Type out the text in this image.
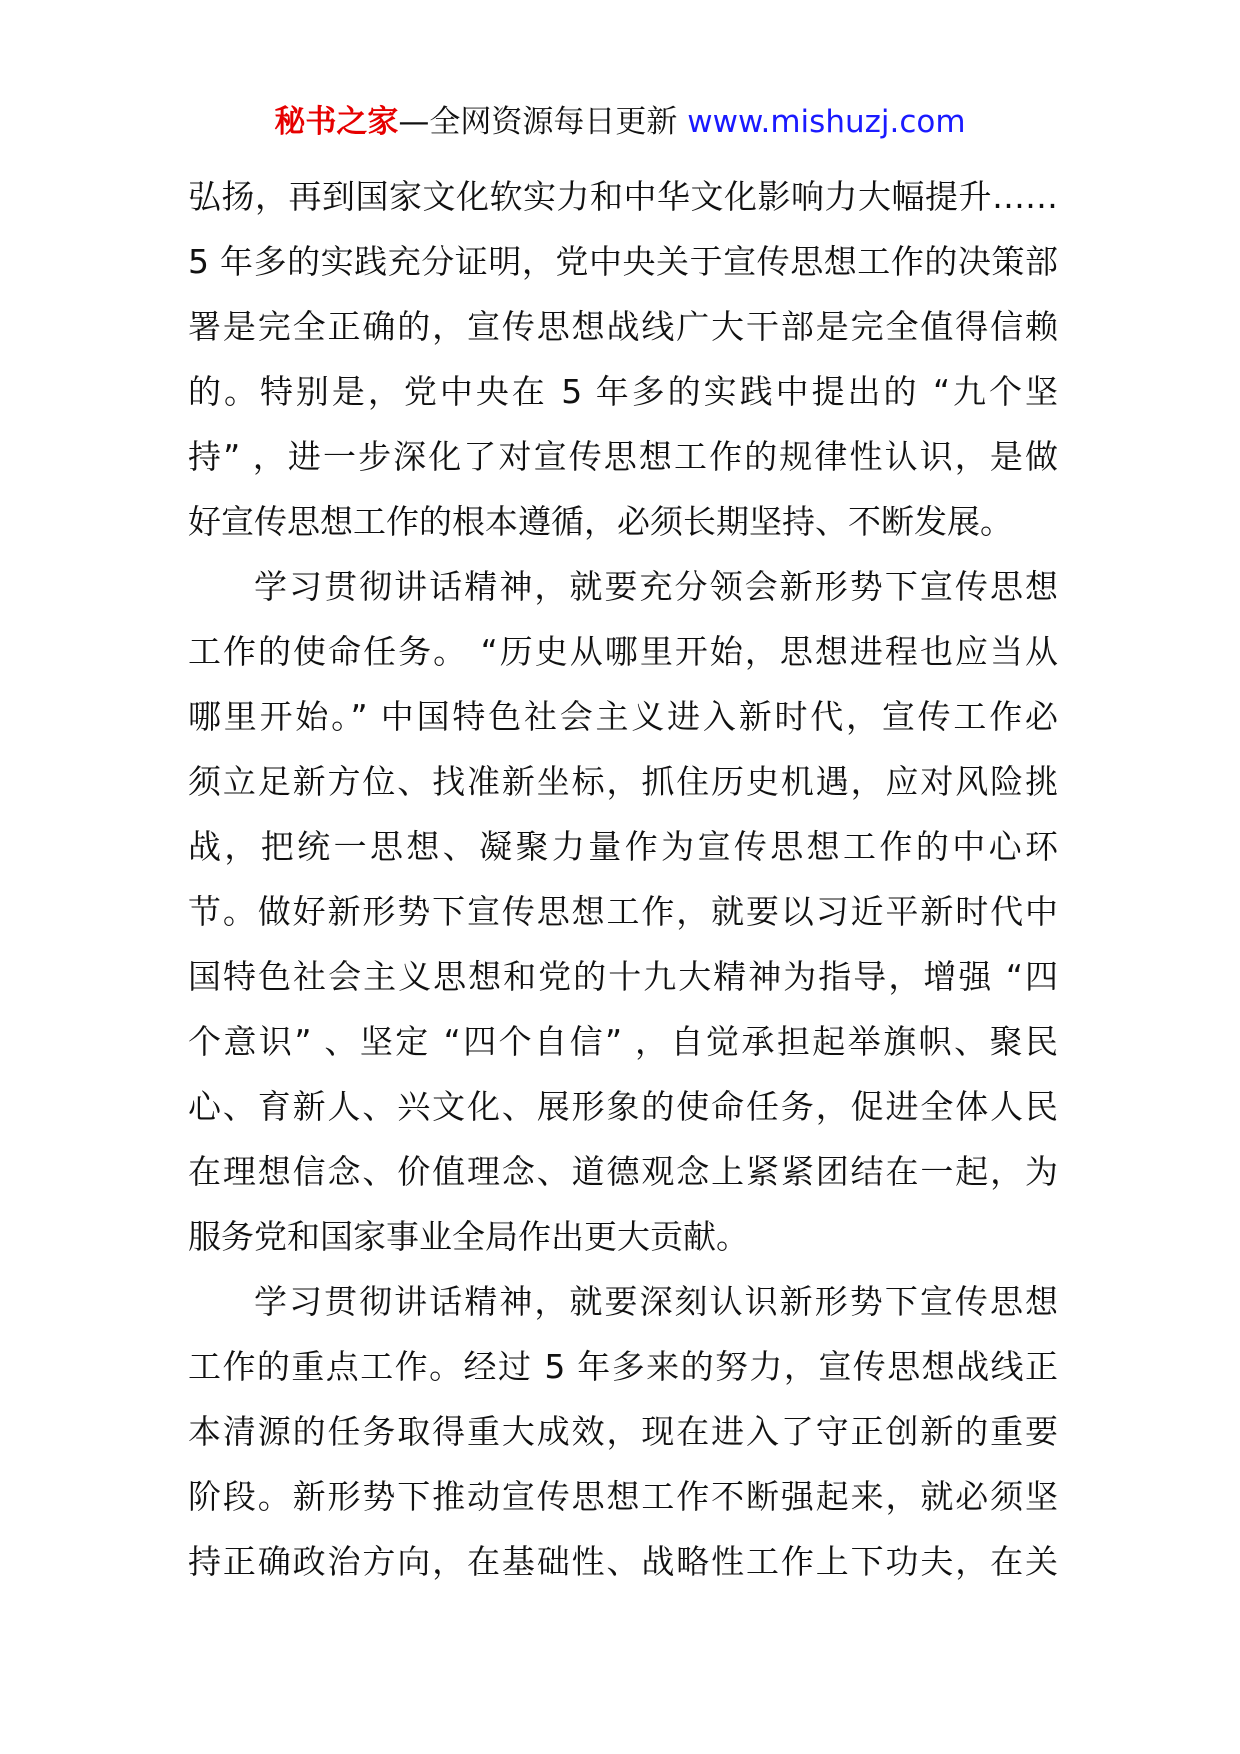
秘书之家—全网资源每日更新 www.mishuzj.com
弘扬，再到国家文化软实力和中华文化影响力大幅提升……
5 年多的实践充分证明，党中央关于宣传思想工作的决策部
署是完全正确的，宣传思想战线广大干部是完全值得信赖
的。特别是，党中央在 5 年多的实践中提出的 “九个坚
持” ，进一步深化了对宣传思想工作的规律性认识，是做
好宣传思想工作的根本遵循，必须长期坚持、不断发展。
学习贯彻讲话精神，就要充分领会新形势下宣传思想
工作的使命任务。 “历史从哪里开始，思想进程也应当从
哪里开始。” 中国特色社会主义进入新时代，宣传工作必
须立足新方位、找准新坐标，抓住历史机遇，应对风险挑
战，把统一思想、凝聚力量作为宣传思想工作的中心环
节。做好新形势下宣传思想工作，就要以习近平新时代中
国特色社会主义思想和党的十九大精神为指导，增强 “四
个意识” 、坚定 “四个自信” ，自觉承担起举旗帜、聚民
心、育新人、兴文化、展形象的使命任务，促进全体人民
在理想信念、价值理念、道德观念上紧紧团结在一起，为
服务党和国家事业全局作出更大贡献。
学习贯彻讲话精神，就要深刻认识新形势下宣传思想
工作的重点工作。经过 5 年多来的努力，宣传思想战线正
本清源的任务取得重大成效，现在进入了守正创新的重要
阶段。新形势下推动宣传思想工作不断强起来，就必须坚
持正确政治方向，在基础性、战略性工作上下功夫，在关
